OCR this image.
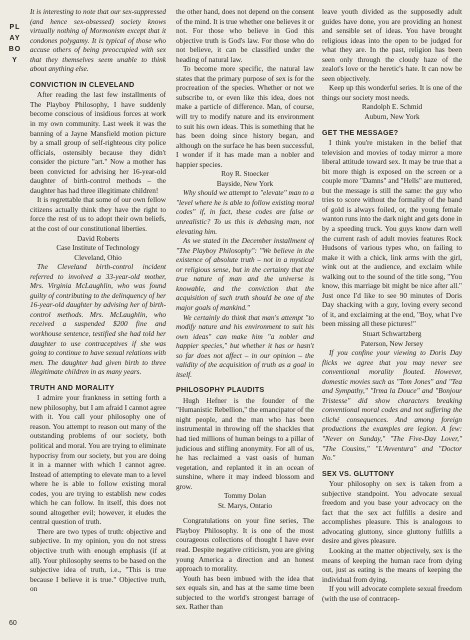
PLAYBOY
60

It is interesting to note that our sex-suppressed (and hence sex-obsessed) society knows virtually nothing of Mormonism except that it condones polygamy. It is typical of those who accuse others of being preoccupied with sex that they themselves seem unable to think about anything else.

CONVICTION IN CLEVELAND

After reading the last few installments of The Playboy Philosophy, I have suddenly become conscious of insidious forces at work in my own community. Last week it was the banning of a Jayne Mansfield motion picture by a small group of self-righteous city police officials, ostensibly because they didn't consider the picture "art." Now a mother has been convicted for advising her 16-year-old daughter of birth-control methods – the daughter has had three illegitimate children!

It is regrettable that some of our own fellow citizens actually think they have the right to force the rest of us to adopt their own beliefs, at the cost of our constitutional liberties.

David Roberts
Case Institute of Technology
Cleveland, Ohio

The Cleveland birth-control incident referred to involved a 33-year-old mother, Mrs. Virginia McLaughlin, who was found guilty of contributing to the delinquency of her 16-year-old daughter by advising her of birth-control methods. Mrs. McLaughlin, who received a suspended $200 fine and workhouse sentence, testified she had told her daughter to use contraceptives if she was going to continue to have sexual relations with men. The daughter had given birth to three illegitimate children in as many years.

TRUTH AND MORALITY

I admire your frankness in setting forth a new philosophy, but I am afraid I cannot agree with it. You call your philosophy one of reason. You attempt to reason out many of the outstanding problems of our society, both political and moral. You are trying to eliminate hypocrisy from our society, but you are doing it in a manner with which I cannot agree. Instead of attempting to elevate man to a level where he is able to follow existing moral codes, you are trying to establish new codes which he can follow. In itself, this does not sound altogether evil; however, it eludes the central question of truth.

There are two types of truth: objective and subjective. In my opinion, you do not stress objective truth with enough emphasis (if at all). Your philosophy seems to be based on the subjective idea of truth, i.e., "This is true because I believe it is true." Objective truth, on

the other hand, does not depend on the consent of the mind. It is true whether one believes it or not. For those who believe in God this objective truth is God's law. For those who do not believe, it can be classified under the heading of natural law.

To become more specific, the natural law states that the primary purpose of sex is for the procreation of the species. Whether or not we subscribe to, or even like this idea, does not make a particle of difference. Man, of course, will try to modify nature and its environment to suit his own ideas. This is something that he has been doing since history began, and although on the surface he has been successful, I wonder if it has made man a nobler and happier species.

Roy R. Stoecker
Bayside, New York

Why should we attempt to "elevate" man to a "level where he is able to follow existing moral codes" if, in fact, these codes are false or unrealistic? To us this is debasing man, not elevating him.

As we stated in the December installment of "The Playboy Philosophy": "We believe in the existence of absolute truth – not in a mystical or religious sense, but in the certainty that the true nature of man and the universe is knowable, and the conviction that the acquisition of such truth should be one of the major goals of mankind."

We certainly do think that man's attempt "to modify nature and his environment to suit his own ideas" can make him "a nobler and happier species," but whether it has or hasn't so far does not affect – in our opinion – the validity of the acquisition of truth as a goal in itself.

PHILOSOPHY PLAUDITS

Hugh Hefner is the founder of the "Humanistic Rebellion," the emancipator of the night people, and the man who has been instrumental in throwing off the shackles that had tied millions of human beings to a pillar of judicious and stifling anonymity. For all of us, he has reclaimed a vast oasis of human vegetation, and replanted it in an ocean of sunshine, where it may indeed blossom and grow.

Tommy Dolan
St. Marys, Ontario

Congratulations on your fine series, The Playboy Philosophy. It is one of the most courageous collections of thought I have ever read. Despite negative criticism, you are giving young America a direction and an honest approach to morality.

Youth has been imbued with the idea that sex equals sin, and has at the same time been subjected to the world's strongest barrage of sex. Rather than

leave youth divided as the supposedly adult guides have done, you are providing an honest and sensible set of ideas. You have brought religious ideas into the open to be judged for what they are. In the past, religion has been seen only through the cloudy haze of the zealot's love or the heretic's hate. It can now be seen objectively.

Keep up this wonderful series. It is one of the things our society most needs.

Randolph E. Schmid
Auburn, New York
GET THE MESSAGE?

I think you're mistaken in the belief that television and movies of today mirror a more liberal attitude toward sex. It may be true that a bit more thigh is exposed on the screen or a couple more "Damns" and "Hells" are muttered, but the message is still the same: the guy who tries to score without the formality of the band of gold is always foiled, or, the young female wanton runs into the dark night and gets done in by a speeding truck. You guys know darn well the current rash of adult movies features Rock Hudsons of various types who, on failing to make it with a chick, link arms with the girl, wink out at the audience, and exclaim while walking out to the sound of the title song, "You know, this marriage bit might be nice after all." Just once I'd like to see 90 minutes of Doris Day shacking with a guy, loving every second of it, and exclaiming at the end, "Boy, what I've been missing all these pictures!"

Stuart Schwartzberg
Paterson, New Jersey

If you confine your viewing to Doris Day flicks we agree that you may never see conventional morality flouted. However, domestic movies such as "Tom Jones" and "Tea and Sympathy," "Irma la Douce" and "Bonjour Tristesse" did show characters breaking conventional moral codes and not suffering the cliché consequences. And among foreign productions the examples are legion. A few: "Never on Sunday," "The Five-Day Lover," "The Cousins," "L'Avventura" and "Doctor No."

SEX VS. GLUTTONY

Your philosophy on sex is taken from a subjective standpoint. You advocate sexual freedom and you base your advocacy on the fact that the sex act fulfills a desire and accomplishes pleasure. This is analogous to advocating gluttony, since gluttony fulfills a desire and gives pleasure.

Looking at the matter objectively, sex is the means of keeping the human race from dying out, just as eating is the means of keeping the individual from dying.

If you will advocate complete sexual freedom (with the use of contracep-
